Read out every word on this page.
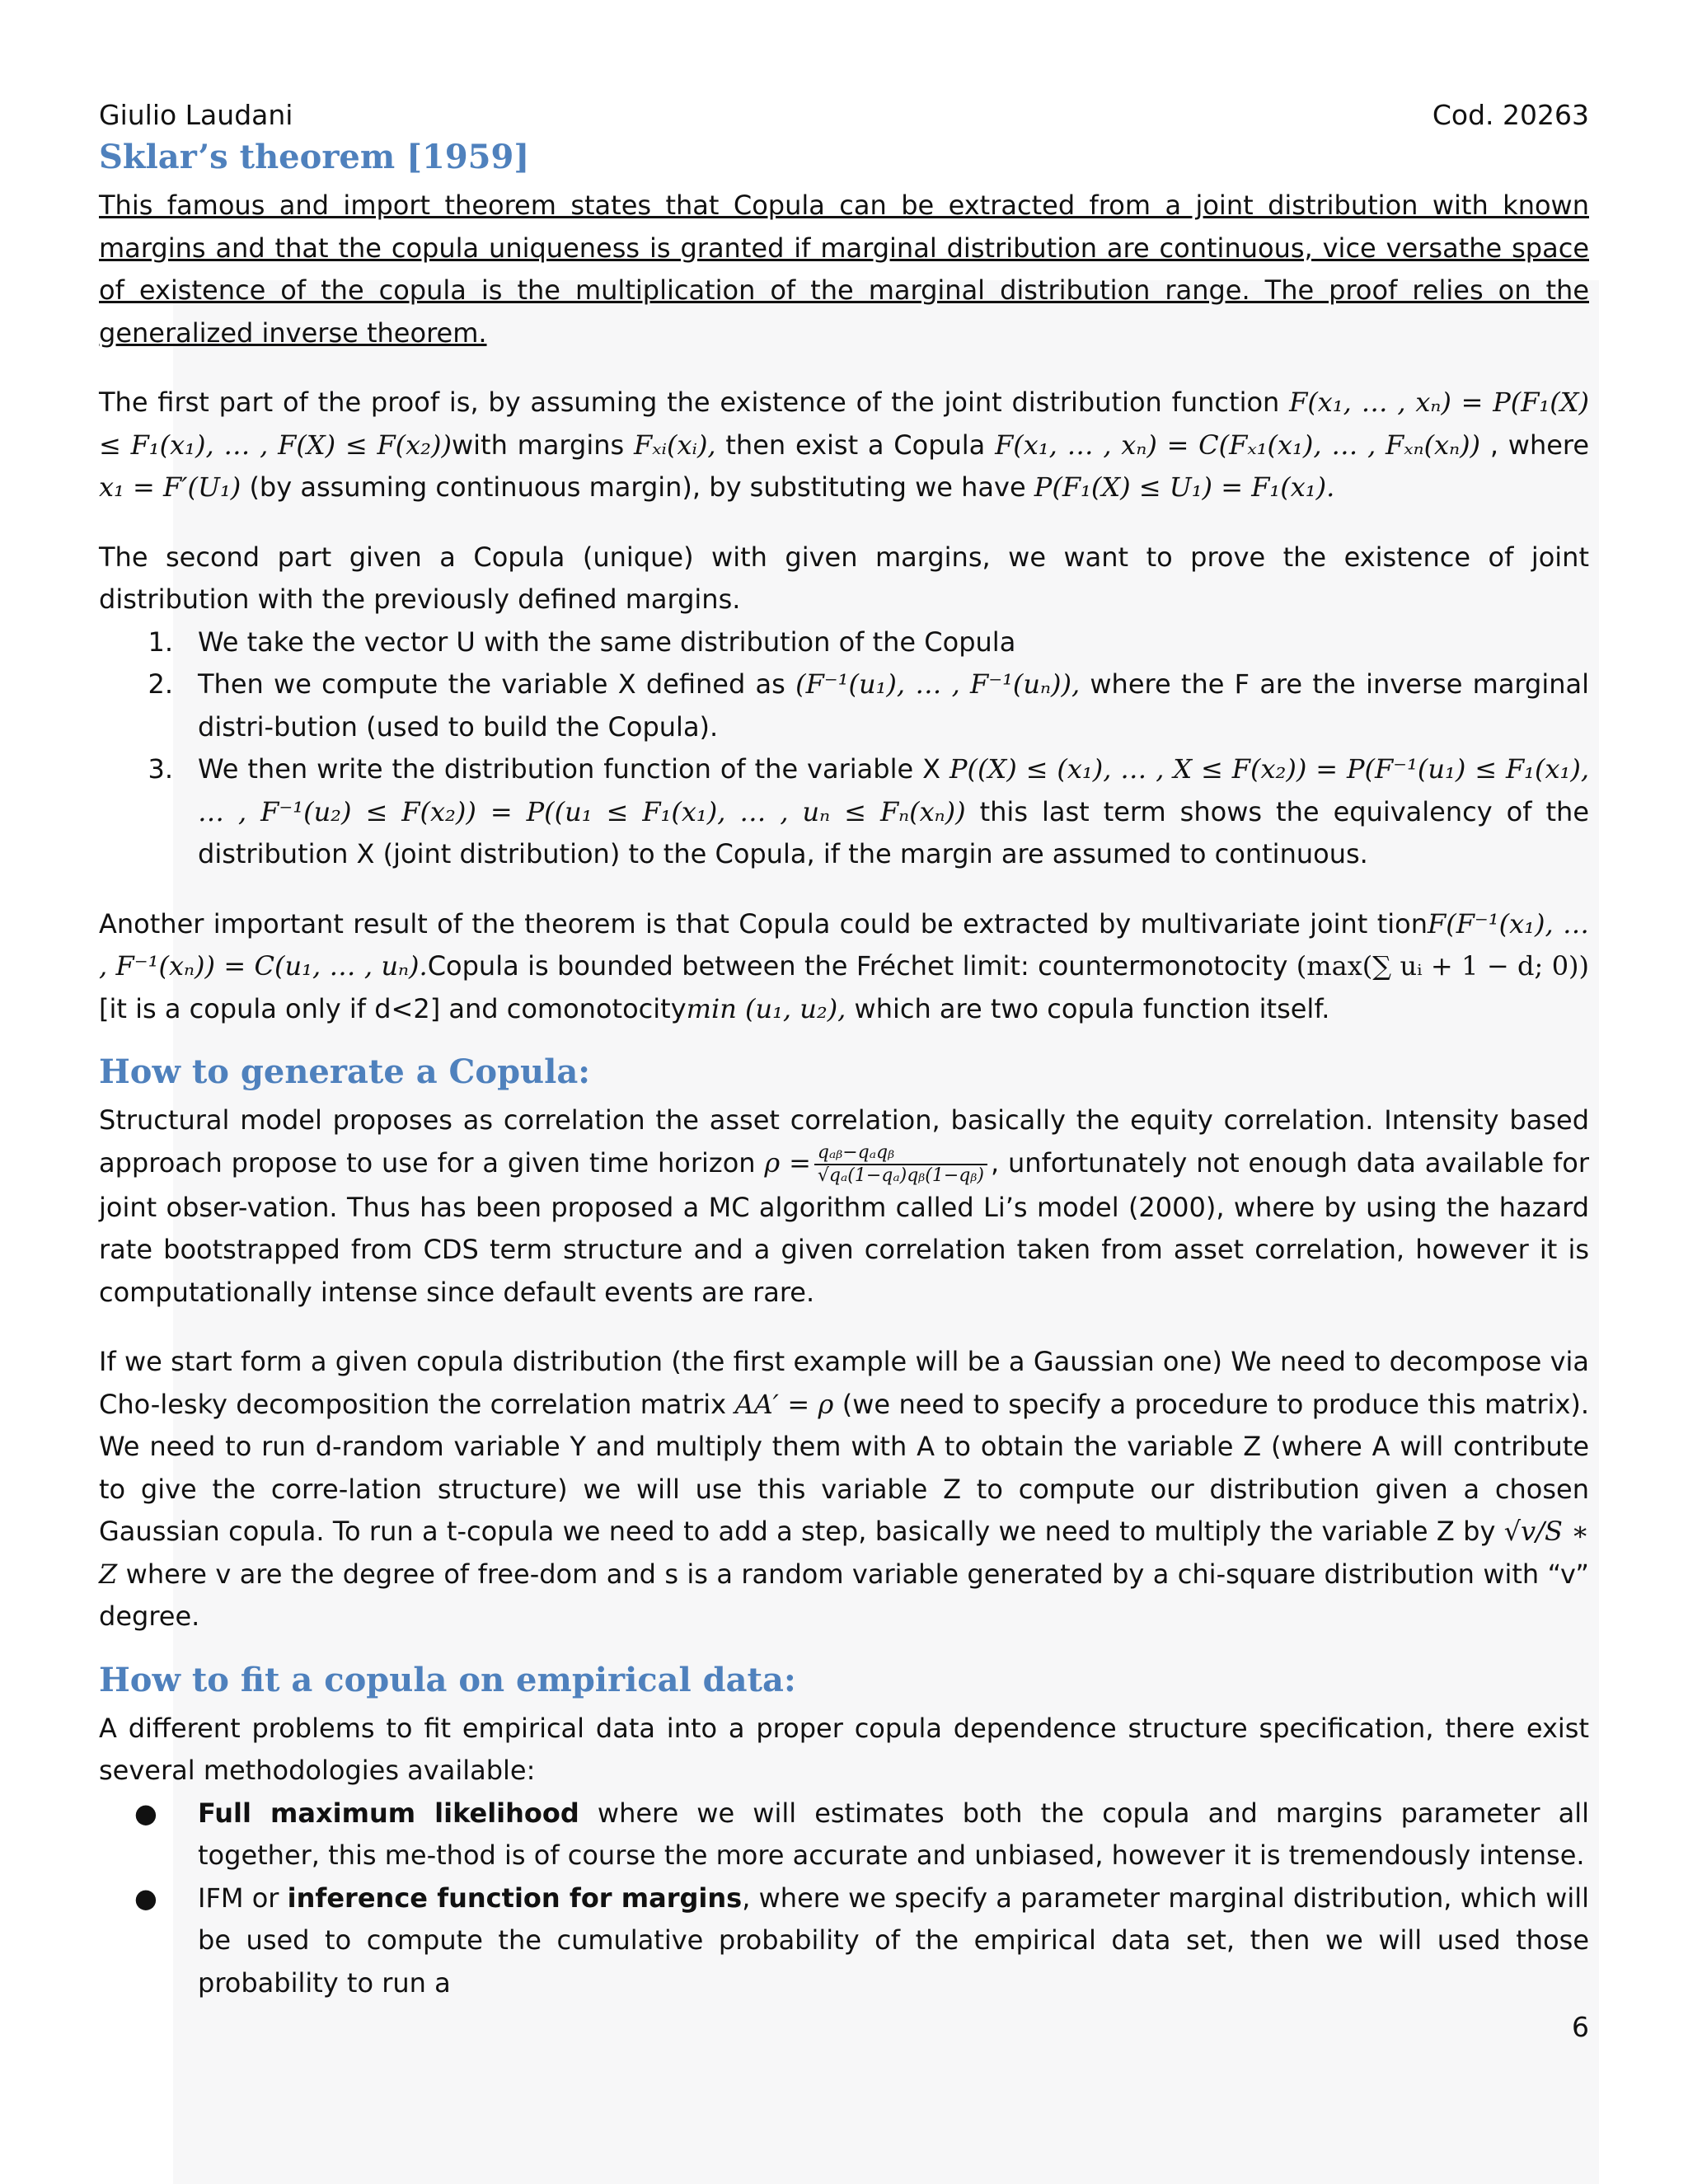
Giulio Laudani	Cod. 20263
Sklar’s theorem [1959]

This famous and import theorem states that Copula can be extracted from a joint distribution with known margins and that the copula uniqueness is granted if marginal distribution are continuous, vice versathe space of existence of the copula is the multiplication of the marginal distribution range. The proof relies on the generalized inverse theorem.

The first part of the proof is, by assuming the existence of the joint distribution function F(x₁, … , xₙ) = P(F₁(X) ≤ F₁(x₁), … , F(X) ≤ F(x₂))with margins Fₓᵢ(xᵢ), then exist a Copula F(x₁, … , xₙ) = C(Fₓ₁(x₁), … , Fₓₙ(xₙ)) , where x₁ = F′(U₁) (by assuming continuous margin), by substituting we have P(F₁(X) ≤ U₁) = F₁(x₁).

The second part given a Copula (unique) with given margins, we want to prove the existence of joint distribution with the previously defined margins.

1. We take the vector U with the same distribution of the Copula
2. Then we compute the variable X defined as (F⁻¹(u₁), … , F⁻¹(uₙ)), where the F are the inverse marginal distri-bution (used to build the Copula).
3. We then write the distribution function of the variable X P((X) ≤ (x₁), … , X ≤ F(x₂)) = P(F⁻¹(u₁) ≤ F₁(x₁), … , F⁻¹(u₂) ≤ F(x₂)) = P((u₁ ≤ F₁(x₁), … , uₙ ≤ Fₙ(xₙ)) this last term shows the equivalency of the distribution X (joint distribution) to the Copula, if the margin are assumed to continuous.

Another important result of the theorem is that Copula could be extracted by multivariate joint tionF(F⁻¹(x₁), … , F⁻¹(xₙ)) = C(u₁, … , uₙ).Copula is bounded between the Fréchet limit: countermonotocity (max(∑ uᵢ + 1 − d; 0)) [it is a copula only if d<2] and comonotocitymin (u₁, u₂), which are two copula function itself.

How to generate a Copula:

Structural model proposes as correlation the asset correlation, basically the equity correlation. Intensity based approach propose to use for a given time horizon $\rho = \frac{\text{qₐᵦ−qₐqᵦ}}{\text{√qₐ(1−qₐ)qᵦ(1−qᵦ)}}$ , unfortunately not enough data available for joint obser-vation. Thus has been proposed a MC algorithm called Li’s model (2000), where by using the hazard rate bootstrapped from CDS term structure and a given correlation taken from asset correlation, however it is computationally intense since default events are rare.

If we start form a given copula distribution (the first example will be a Gaussian one) We need to decompose via Cho-lesky decomposition the correlation matrix AA′ = ρ (we need to specify a procedure to produce this matrix). We need to run d-random variable Y and multiply them with A to obtain the variable Z (where A will contribute to give the corre-lation structure) we will use this variable Z to compute our distribution given a chosen Gaussian copula. To run a t-copula we need to add a step, basically we need to multiply the variable Z by √v/S ∗ Z where v are the degree of free-dom and s is a random variable generated by a chi-square distribution with “v” degree.

How to fit a copula on empirical data:

A different problems to fit empirical data into a proper copula dependence structure specification, there exist several methodologies available:

●	Full maximum likelihood where we will estimates both the copula and margins parameter all together, this me-thod is of course the more accurate and unbiased, however it is tremendously intense.
●	IFM or inference function for margins, where we specify a parameter marginal distribution, which will be used to compute the cumulative probability of the empirical data set, then we will used those probability to run a
6
